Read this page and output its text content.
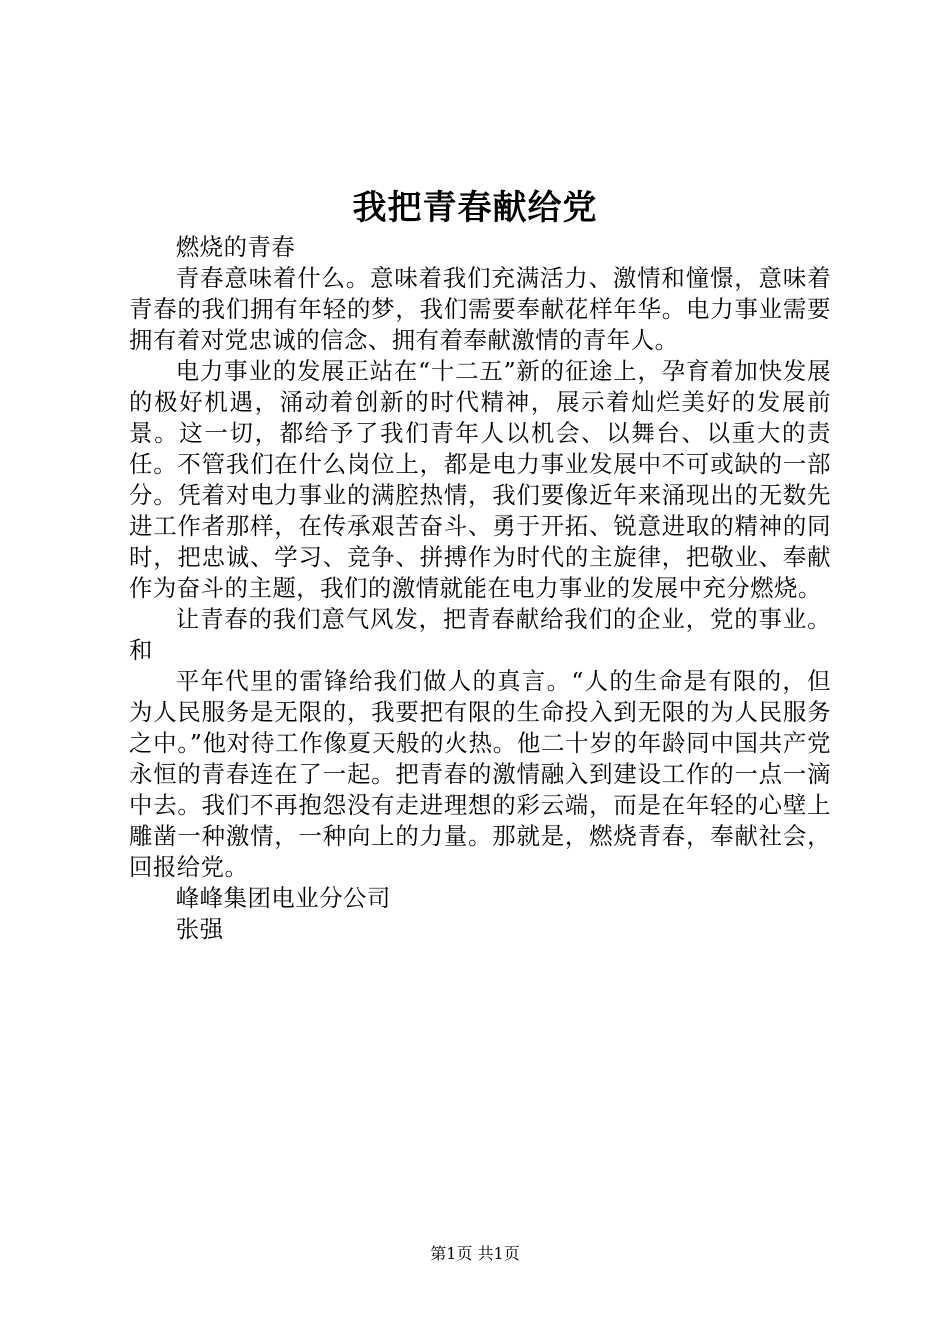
我把青春献给党

燃烧的青春

青春意味着什么。意味着我们充满活力、激情和憧憬，意味着青春的我们拥有年轻的梦，我们需要奉献花样年华。电力事业需要拥有着对党忠诚的信念、拥有着奉献激情的青年人。

电力事业的发展正站在“十二五”新的征途上，孕育着加快发展的极好机遇，涌动着创新的时代精神，展示着灿烂美好的发展前景。这一切，都给予了我们青年人以机会、以舞台、以重大的责任。不管我们在什么岗位上，都是电力事业发展中不可或缺的一部分。凭着对电力事业的满腔热情，我们要像近年来涌现出的无数先进工作者那样，在传承艰苦奋斗、勇于开拓、锐意进取的精神的同时，把忠诚、学习、竞争、拼搏作为时代的主旋律，把敬业、奉献作为奋斗的主题，我们的激情就能在电力事业的发展中充分燃烧。

让青春的我们意气风发，把青春献给我们的企业，党的事业。和

平年代里的雷锋给我们做人的真言。“人的生命是有限的，但为人民服务是无限的，我要把有限的生命投入到无限的为人民服务之中。”他对待工作像夏天般的火热。他二十岁的年龄同中国共产党永恒的青春连在了一起。把青春的激情融入到建设工作的一点一滴中去。我们不再抱怨没有走进理想的彩云端，而是在年轻的心壁上雕凿一种激情，一种向上的力量。那就是，燃烧青春，奉献社会，回报给党。

峰峰集团电业分公司

张强

第1页 共1页
